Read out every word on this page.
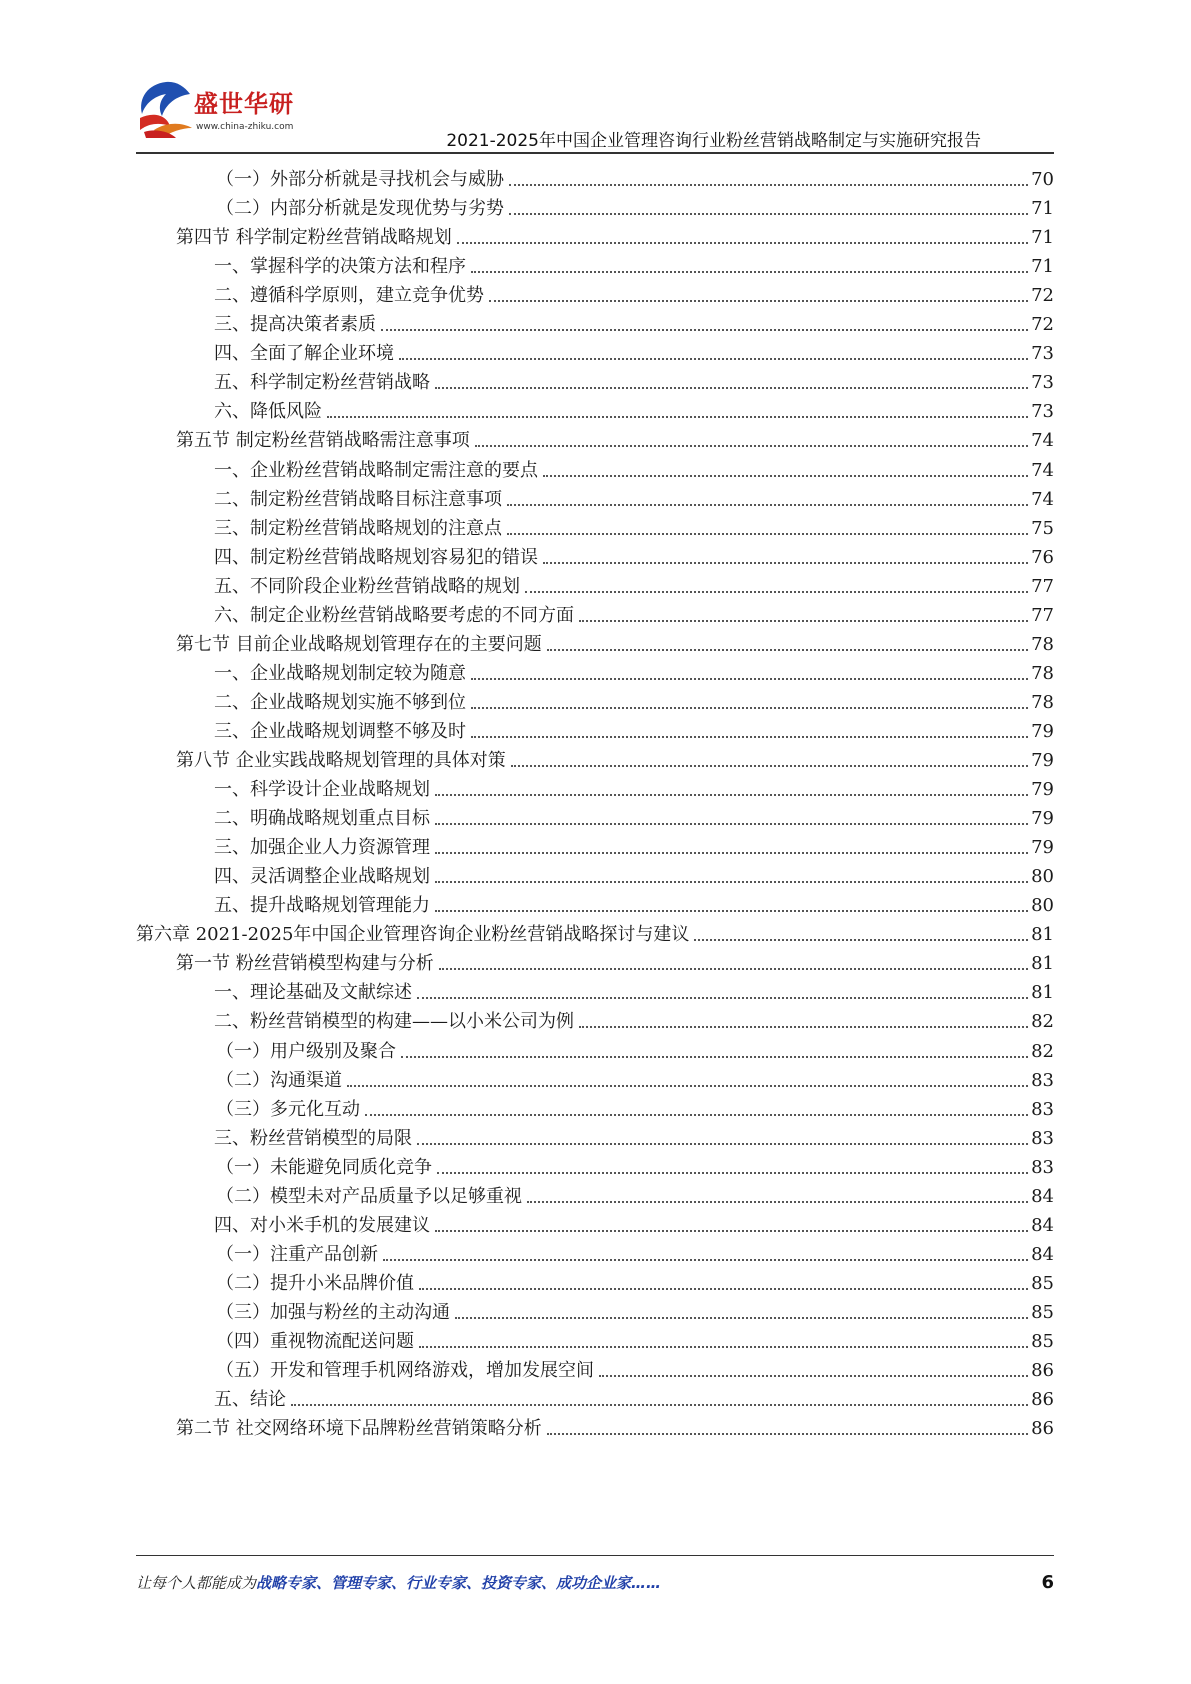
盛世华研
www.china-zhiku.com
2021-2025年中国企业管理咨询行业粉丝营销战略制定与实施研究报告
（一）外部分析就是寻找机会与威胁	70
（二）内部分析就是发现优势与劣势	71
第四节 科学制定粉丝营销战略规划	71
一、掌握科学的决策方法和程序	71
二、遵循科学原则，建立竞争优势	72
三、提高决策者素质	72
四、全面了解企业环境	73
五、科学制定粉丝营销战略	73
六、降低风险	73
第五节 制定粉丝营销战略需注意事项	74
一、企业粉丝营销战略制定需注意的要点	74
二、制定粉丝营销战略目标注意事项	74
三、制定粉丝营销战略规划的注意点	75
四、制定粉丝营销战略规划容易犯的错误	76
五、不同阶段企业粉丝营销战略的规划	77
六、制定企业粉丝营销战略要考虑的不同方面	77
第七节 目前企业战略规划管理存在的主要问题	78
一、企业战略规划制定较为随意	78
二、企业战略规划实施不够到位	78
三、企业战略规划调整不够及时	79
第八节 企业实践战略规划管理的具体对策	79
一、科学设计企业战略规划	79
二、明确战略规划重点目标	79
三、加强企业人力资源管理	79
四、灵活调整企业战略规划	80
五、提升战略规划管理能力	80
第六章 2021-2025年中国企业管理咨询企业粉丝营销战略探讨与建议	81
第一节 粉丝营销模型构建与分析	81
一、理论基础及文献综述	81
二、粉丝营销模型的构建——以小米公司为例	82
（一）用户级别及聚合	82
（二）沟通渠道	83
（三）多元化互动	83
三、粉丝营销模型的局限	83
（一）未能避免同质化竞争	83
（二）模型未对产品质量予以足够重视	84
四、对小米手机的发展建议	84
（一）注重产品创新	84
（二）提升小米品牌价值	85
（三）加强与粉丝的主动沟通	85
（四）重视物流配送问题	85
（五）开发和管理手机网络游戏，增加发展空间	86
五、结论	86
第二节 社交网络环境下品牌粉丝营销策略分析	86
让每个人都能成为战略专家、管理专家、行业专家、投资专家、成功企业家……	6
